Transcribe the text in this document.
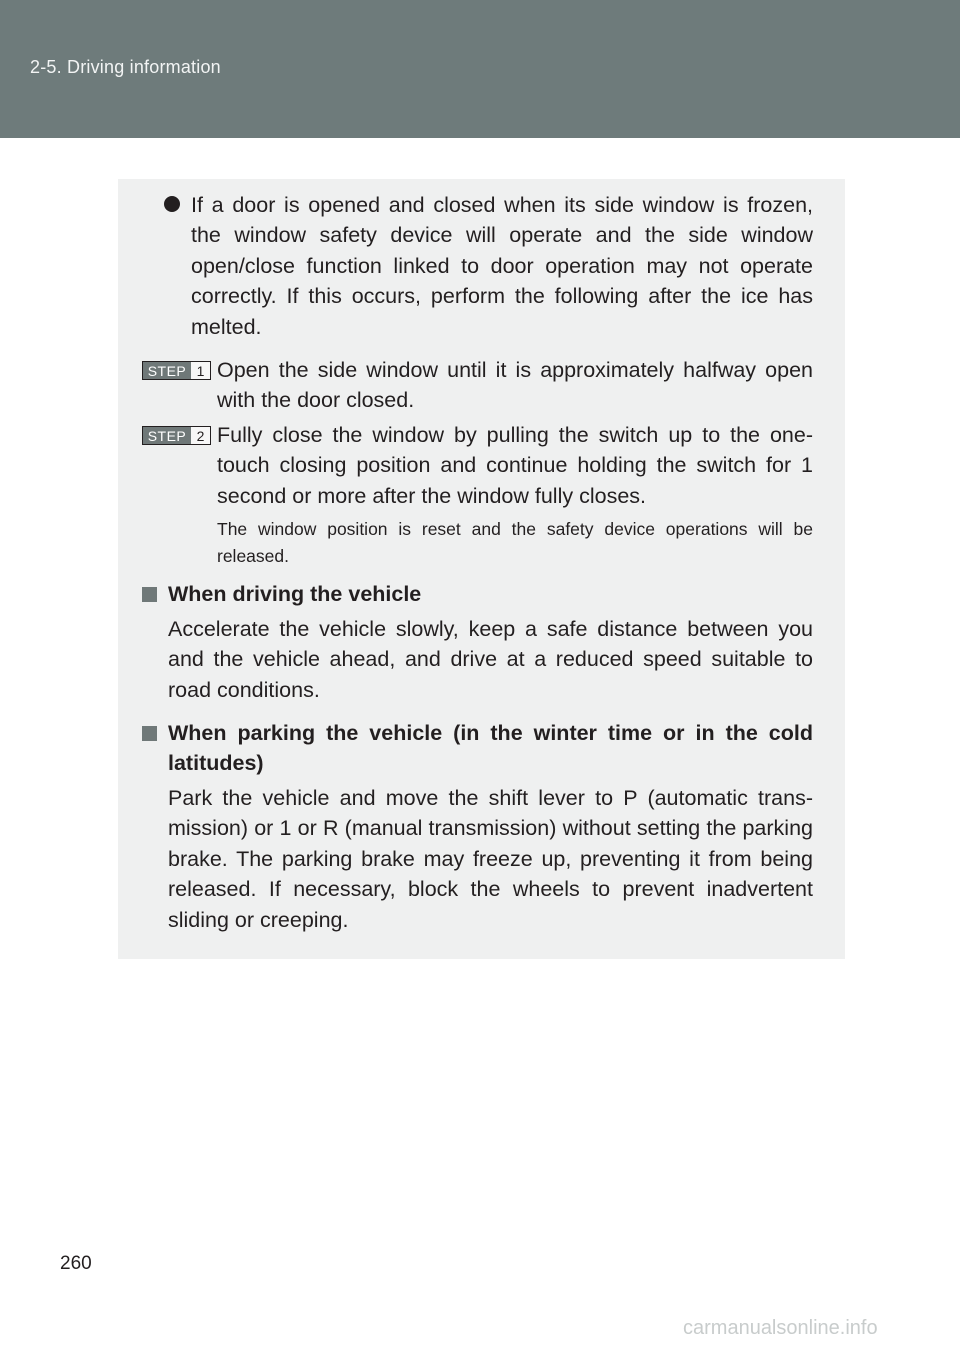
2-5. Driving information
If a door is opened and closed when its side window is frozen, the window safety device will operate and the side window open/close function linked to door operation may not operate correctly. If this occurs, perform the following after the ice has melted.
STEP 1 Open the side window until it is approximately halfway open with the door closed.
STEP 2 Fully close the window by pulling the switch up to the one-touch closing position and continue holding the switch for 1 second or more after the window fully closes.
The window position is reset and the safety device operations will be released.
When driving the vehicle
Accelerate the vehicle slowly, keep a safe distance between you and the vehicle ahead, and drive at a reduced speed suitable to road conditions.
When parking the vehicle (in the winter time or in the cold latitudes)
Park the vehicle and move the shift lever to P (automatic trans-mission) or 1 or R (manual transmission) without setting the parking brake. The parking brake may freeze up, preventing it from being released. If necessary, block the wheels to prevent inadvertent sliding or creeping.
260
carmanualsonline.info
